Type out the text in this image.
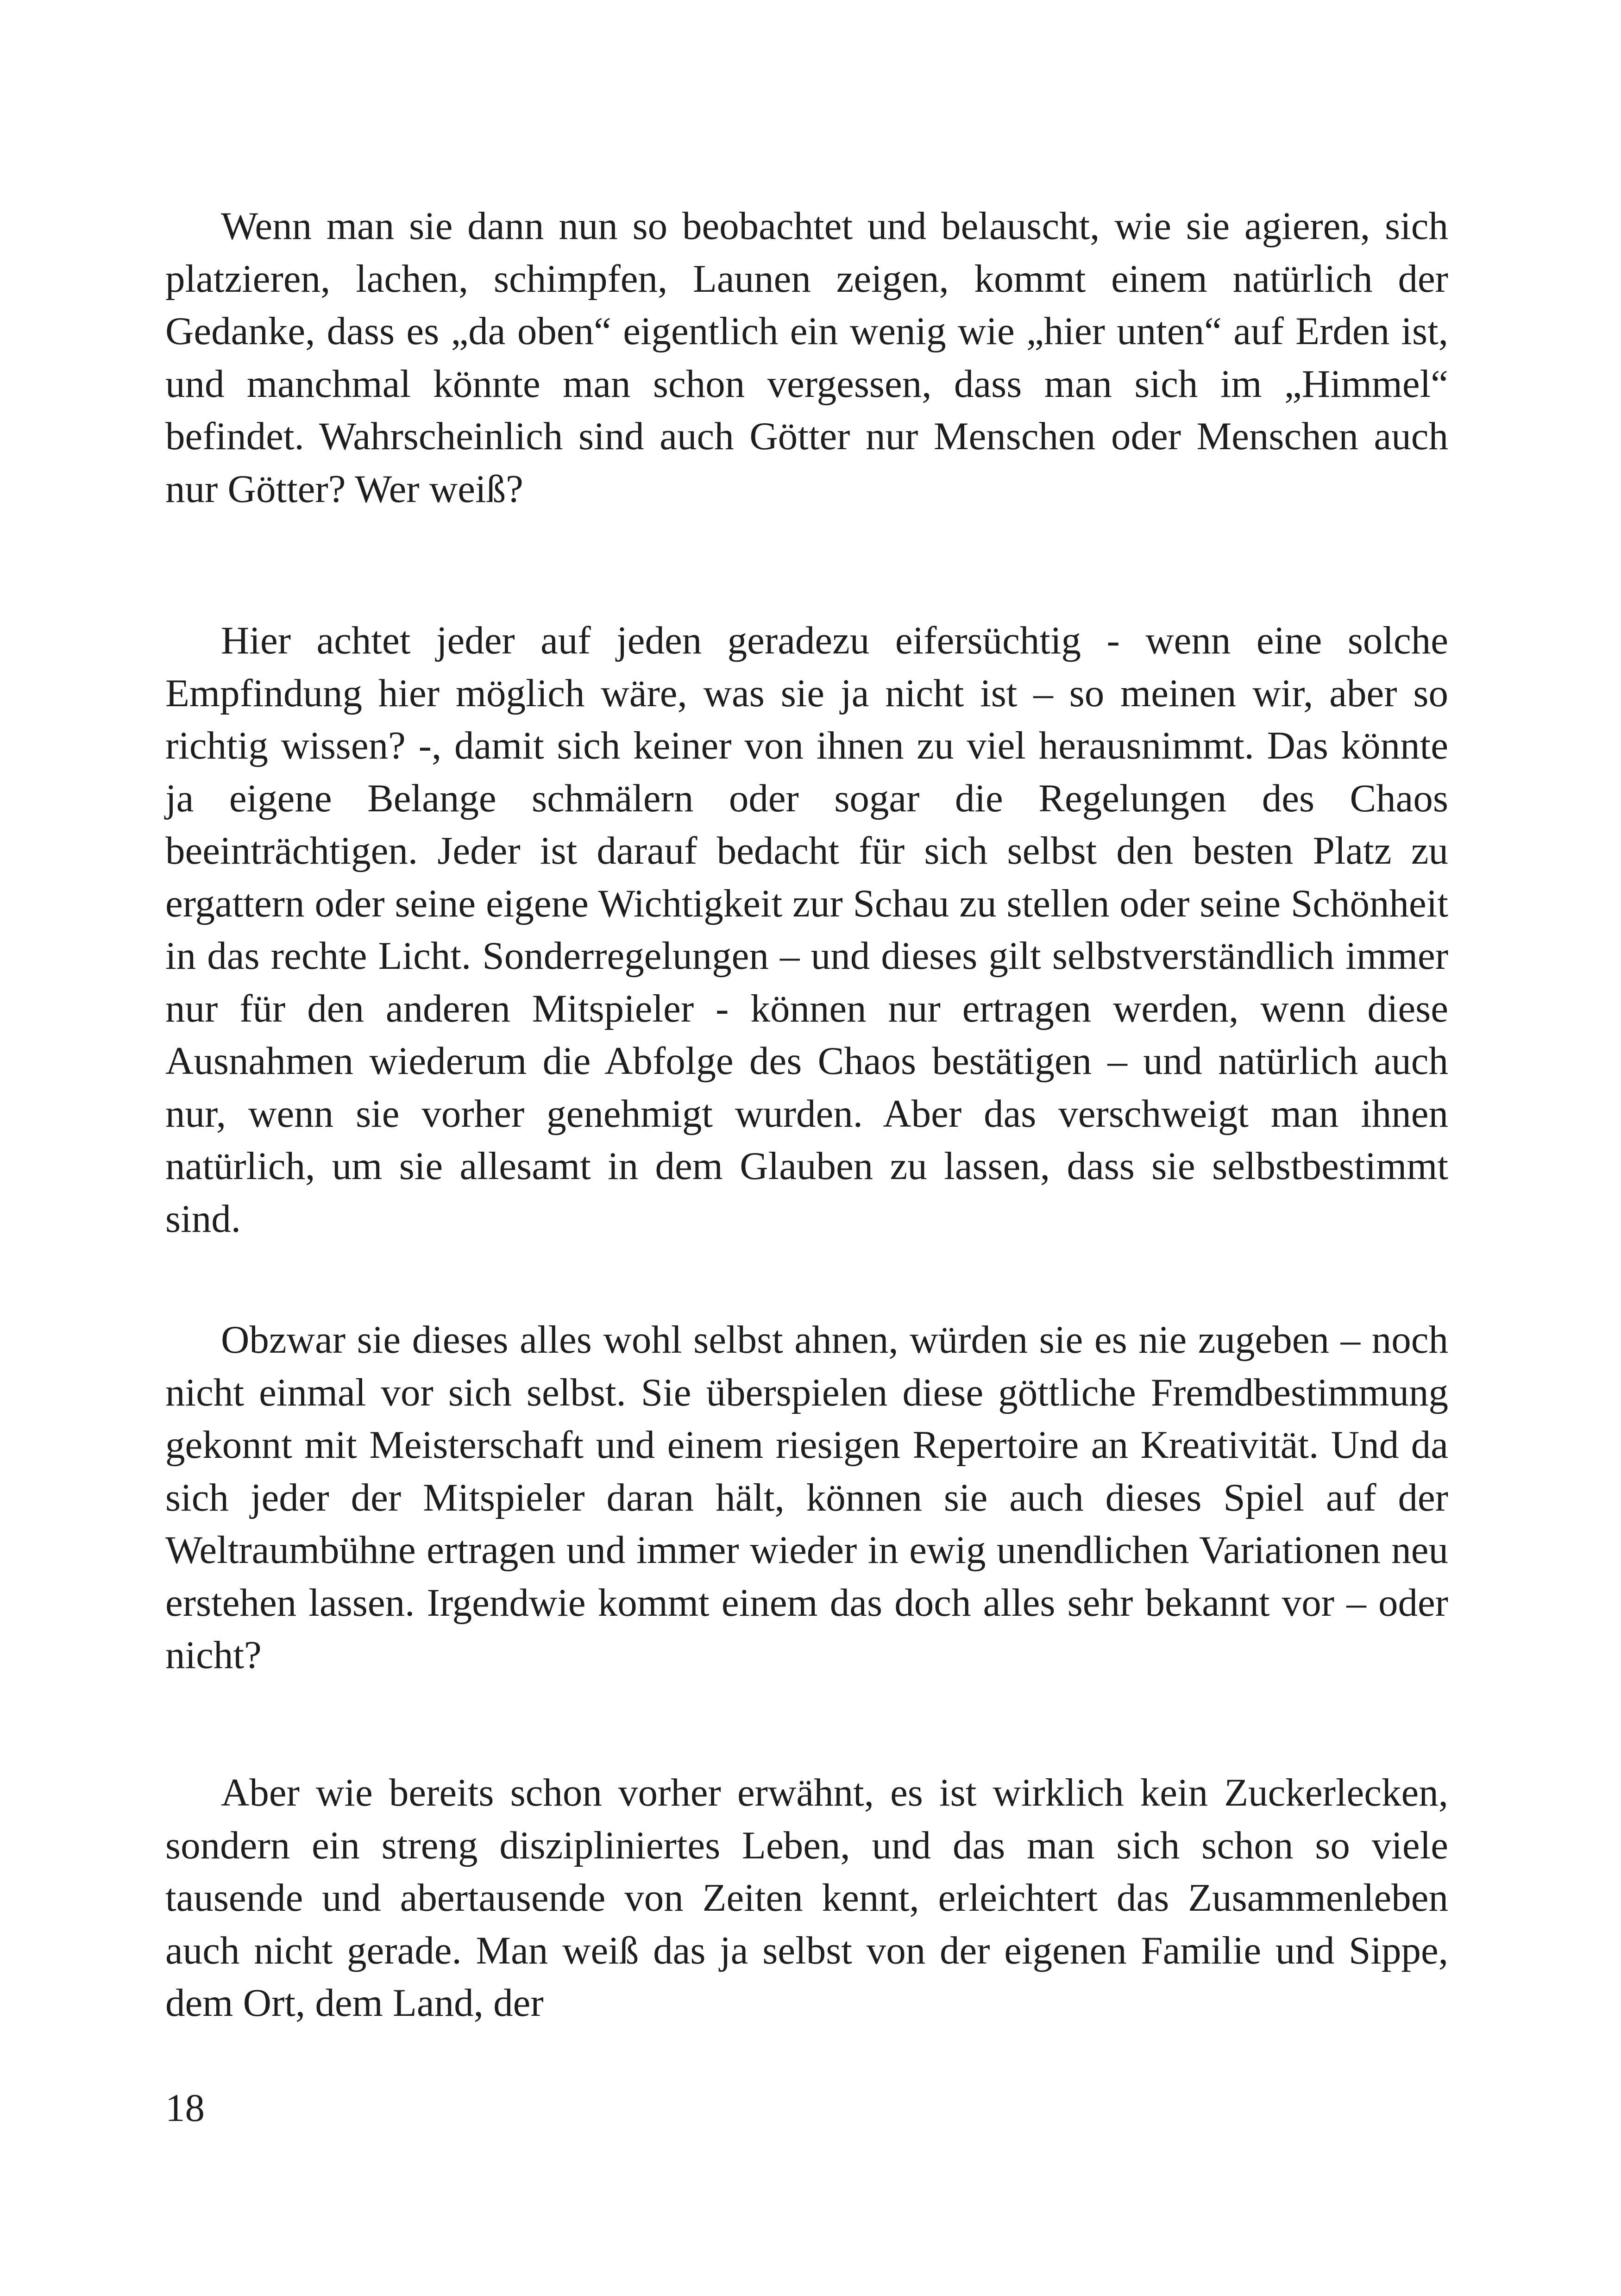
Wenn man sie dann nun so beobachtet und belauscht, wie sie agieren, sich platzieren, lachen, schimpfen, Launen zeigen, kommt einem natürlich der Gedanke, dass es „da oben“ eigentlich ein wenig wie „hier unten“ auf Erden ist, und manchmal könnte man schon vergessen, dass man sich im „Himmel“ befindet. Wahrscheinlich sind auch Götter nur Menschen oder Menschen auch nur Götter? Wer weiß?

Hier achtet jeder auf jeden geradezu eifersüchtig - wenn eine solche Empfindung hier möglich wäre, was sie ja nicht ist – so meinen wir, aber so richtig wissen? -, damit sich keiner von ihnen zu viel herausnimmt. Das könnte ja eigene Belange schmälern oder sogar die Regelungen des Chaos beeinträchtigen. Jeder ist darauf bedacht für sich selbst den besten Platz zu ergattern oder seine eigene Wichtigkeit zur Schau zu stellen oder seine Schönheit in das rechte Licht. Sonderregelungen – und dieses gilt selbstverständlich immer nur für den anderen Mitspieler - können nur ertragen werden, wenn diese Ausnahmen wiederum die Abfolge des Chaos bestätigen – und natürlich auch nur, wenn sie vorher genehmigt wurden. Aber das verschweigt man ihnen natürlich, um sie allesamt in dem Glauben zu lassen, dass sie selbstbestimmt sind.

Obzwar sie dieses alles wohl selbst ahnen, würden sie es nie zugeben – noch nicht einmal vor sich selbst. Sie überspielen diese göttliche Fremdbestimmung gekonnt mit Meisterschaft und einem riesigen Repertoire an Kreativität. Und da sich jeder der Mitspieler daran hält, können sie auch dieses Spiel auf der Weltraumbühne ertragen und immer wieder in ewig unendlichen Variationen neu erstehen lassen. Irgendwie kommt einem das doch alles sehr bekannt vor – oder nicht?

Aber wie bereits schon vorher erwähnt, es ist wirklich kein Zuckerlecken, sondern ein streng diszipliniertes Leben, und das man sich schon so viele tausende und abertausende von Zeiten kennt, erleichtert das Zusammenleben auch nicht gerade. Man weiß das ja selbst von der eigenen Familie und Sippe, dem Ort, dem Land, der

18
